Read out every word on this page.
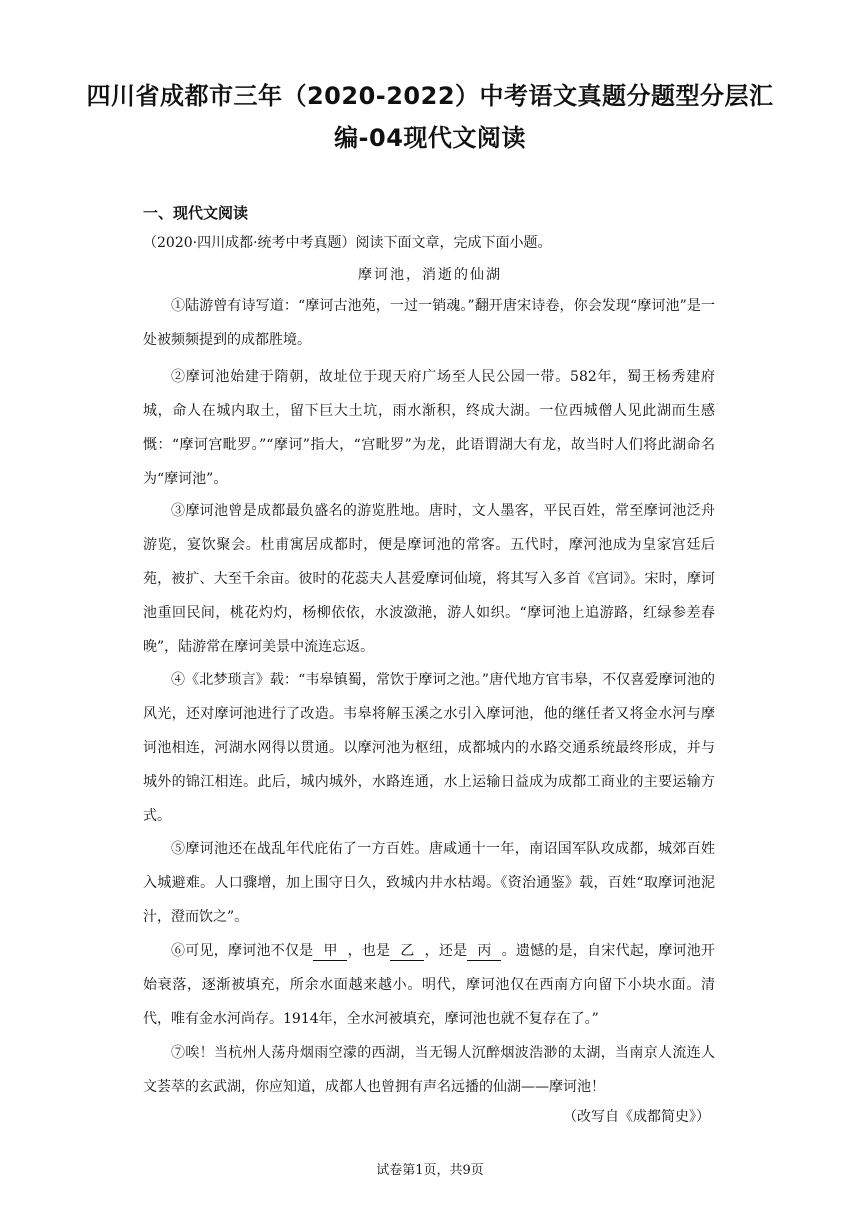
四川省成都市三年（2020-2022）中考语文真题分题型分层汇
编-04现代文阅读
一、现代文阅读
（2020·四川成都·统考中考真题）阅读下面文章，完成下面小题。
摩诃池，消逝的仙湖

①陆游曾有诗写道：“摩诃古池苑，一过一销魂。”翻开唐宋诗卷，你会发现“摩诃池”是一处被频频提到的成都胜境。

②摩诃池始建于隋朝，故址位于现天府广场至人民公园一带。582年，蜀王杨秀建府城，命人在城内取土，留下巨大土坑，雨水渐积，终成大湖。一位西城僧人见此湖而生感慨：“摩诃宫毗罗。”“摩诃”指大，“宫毗罗”为龙，此语谓湖大有龙，故当时人们将此湖命名为“摩诃池”。

③摩诃池曾是成都最负盛名的游览胜地。唐时，文人墨客，平民百姓，常至摩诃池泛舟游览，宴饮聚会。杜甫寓居成都时，便是摩诃池的常客。五代时，摩河池成为皇家宫廷后苑，被扩、大至千余亩。彼时的花蕊夫人甚爱摩诃仙境，将其写入多首《宫词》。宋时，摩诃池重回民间，桃花灼灼，杨柳依依，水波潋滟，游人如织。“摩诃池上追游路，红绿参差春晚”，陆游常在摩诃美景中流连忘返。

④《北梦琐言》载：“韦皋镇蜀，常饮于摩诃之池。”唐代地方官韦皋，不仅喜爱摩诃池的风光，还对摩诃池进行了改造。韦皋将解玉溪之水引入摩诃池，他的继任者又将金水河与摩诃池相连，河湖水网得以贯通。以摩河池为枢纽，成都城内的水路交通系统最终形成，并与城外的锦江相连。此后，城内城外，水路连通，水上运输日益成为成都工商业的主要运输方式。

⑤摩诃池还在战乱年代庇佑了一方百姓。唐咸通十一年，南诏国军队攻成都，城郊百姓入城避难。人口骤增，加上围守日久，致城内井水枯竭。《资治通鉴》载，百姓“取摩诃池泥汁，澄而饮之”。

⑥可见，摩诃池不仅是 甲 ，也是 乙 ，还是 丙 。遗憾的是，自宋代起，摩诃池开始衰落，逐渐被填充，所余水面越来越小。明代，摩诃池仅在西南方向留下小块水面。清代，唯有金水河尚存。1914年，全水河被填充，摩诃池也就不复存在了。”

⑦唉！当杭州人荡舟烟雨空濛的西湖，当无锡人沉醉烟波浩渺的太湖，当南京人流连人文荟萃的玄武湖，你应知道，成都人也曾拥有声名远播的仙湖——摩诃池！

（改写自《成都简史》）
试卷第1页，共9页
